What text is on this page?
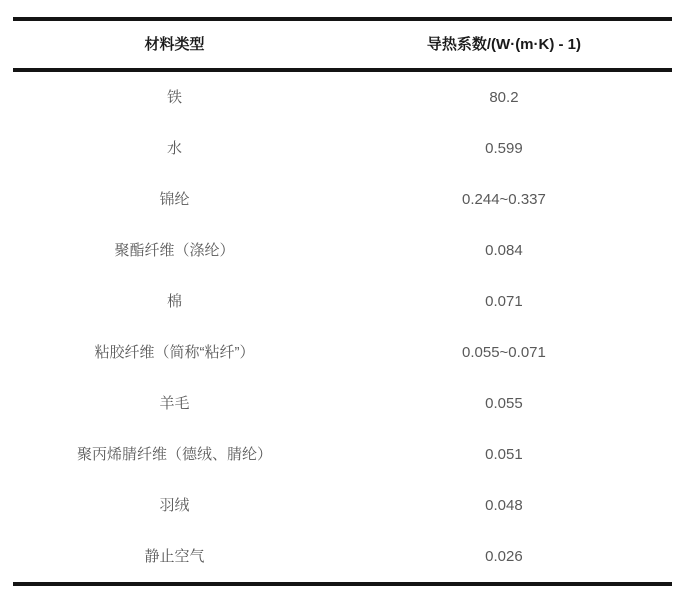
材料类型	导热系数/(W·(m·K) - 1)
铁	80.2
水	0.599
锦纶	0.244~0.337
聚酯纤维（涤纶）	0.084
棉	0.071
粘胶纤维（简称“粘纤”）	0.055~0.071
羊毛	0.055
聚丙烯腈纤维（德绒、腈纶）	0.051
羽绒	0.048
静止空气	0.026
